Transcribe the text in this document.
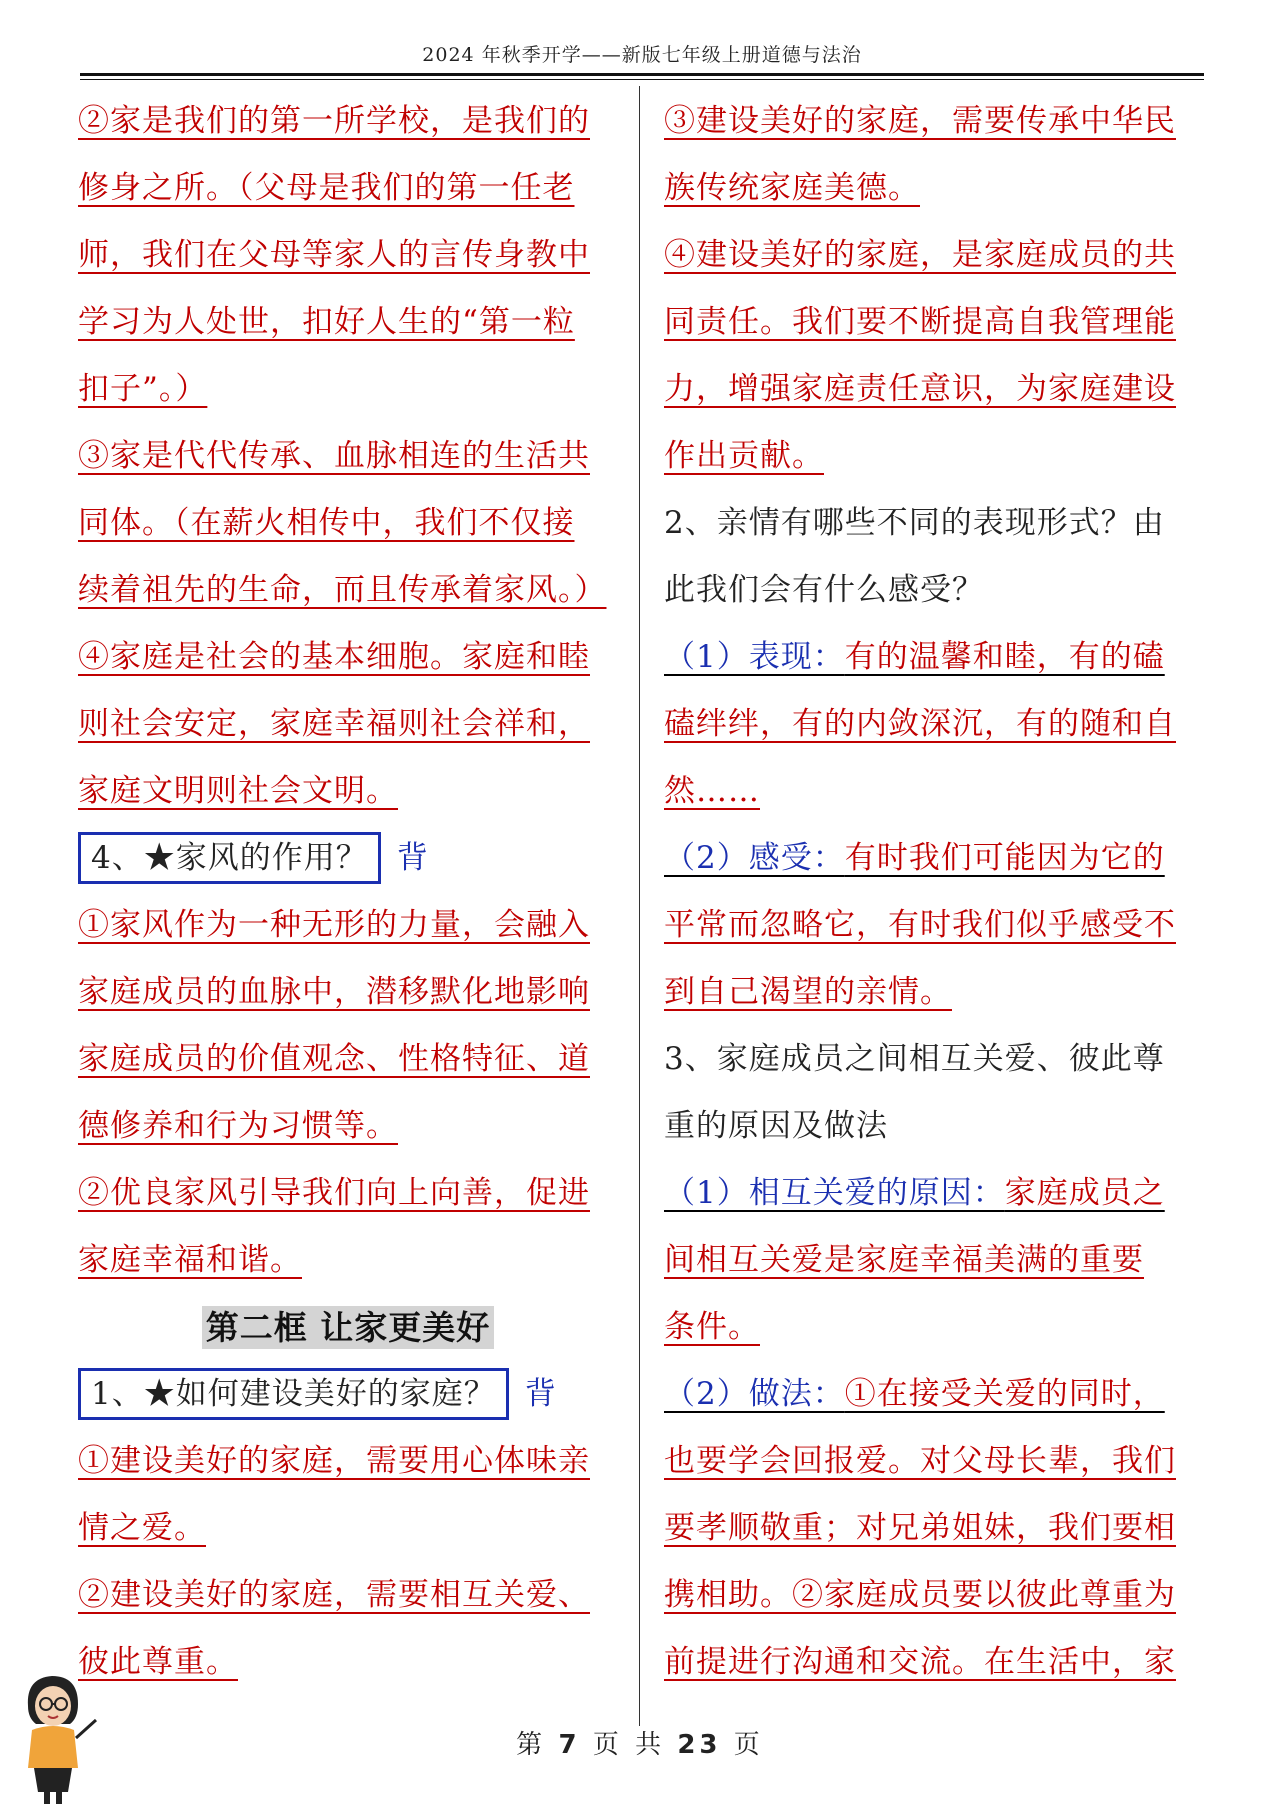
2024 年秋季开学——新版七年级上册道德与法治
②家是我们的第一所学校，是我们的
修身之所。（父母是我们的第一任老
师，我们在父母等家人的言传身教中
学习为人处世，扣好人生的“第一粒
扣子”。）
③家是代代传承、血脉相连的生活共
同体。（在薪火相传中，我们不仅接
续着祖先的生命，而且传承着家风。）
④家庭是社会的基本细胞。家庭和睦
则社会安定，家庭幸福则社会祥和，
家庭文明则社会文明。
4、★家风的作用？ 背
①家风作为一种无形的力量，会融入
家庭成员的血脉中，潜移默化地影响
家庭成员的价值观念、性格特征、道
德修养和行为习惯等。
②优良家风引导我们向上向善，促进
家庭幸福和谐。
第二框 让家更美好
1、★如何建设美好的家庭？ 背
①建设美好的家庭，需要用心体味亲
情之爱。
②建设美好的家庭，需要相互关爱、
彼此尊重。
③建设美好的家庭，需要传承中华民
族传统家庭美德。
④建设美好的家庭，是家庭成员的共
同责任。我们要不断提高自我管理能
力，增强家庭责任意识，为家庭建设
作出贡献。
2、亲情有哪些不同的表现形式？由
此我们会有什么感受？
（1）表现：有的温馨和睦，有的磕
磕绊绊，有的内敛深沉，有的随和自
然……
（2）感受：有时我们可能因为它的
平常而忽略它，有时我们似乎感受不
到自己渴望的亲情。
3、家庭成员之间相互关爱、彼此尊
重的原因及做法
（1）相互关爱的原因：家庭成员之
间相互关爱是家庭幸福美满的重要
条件。
（2）做法：①在接受关爱的同时，
也要学会回报爱。对父母长辈，我们
要孝顺敬重；对兄弟姐妹，我们要相
携相助。②家庭成员要以彼此尊重为
前提进行沟通和交流。在生活中，家
第 7 页 共 23 页
